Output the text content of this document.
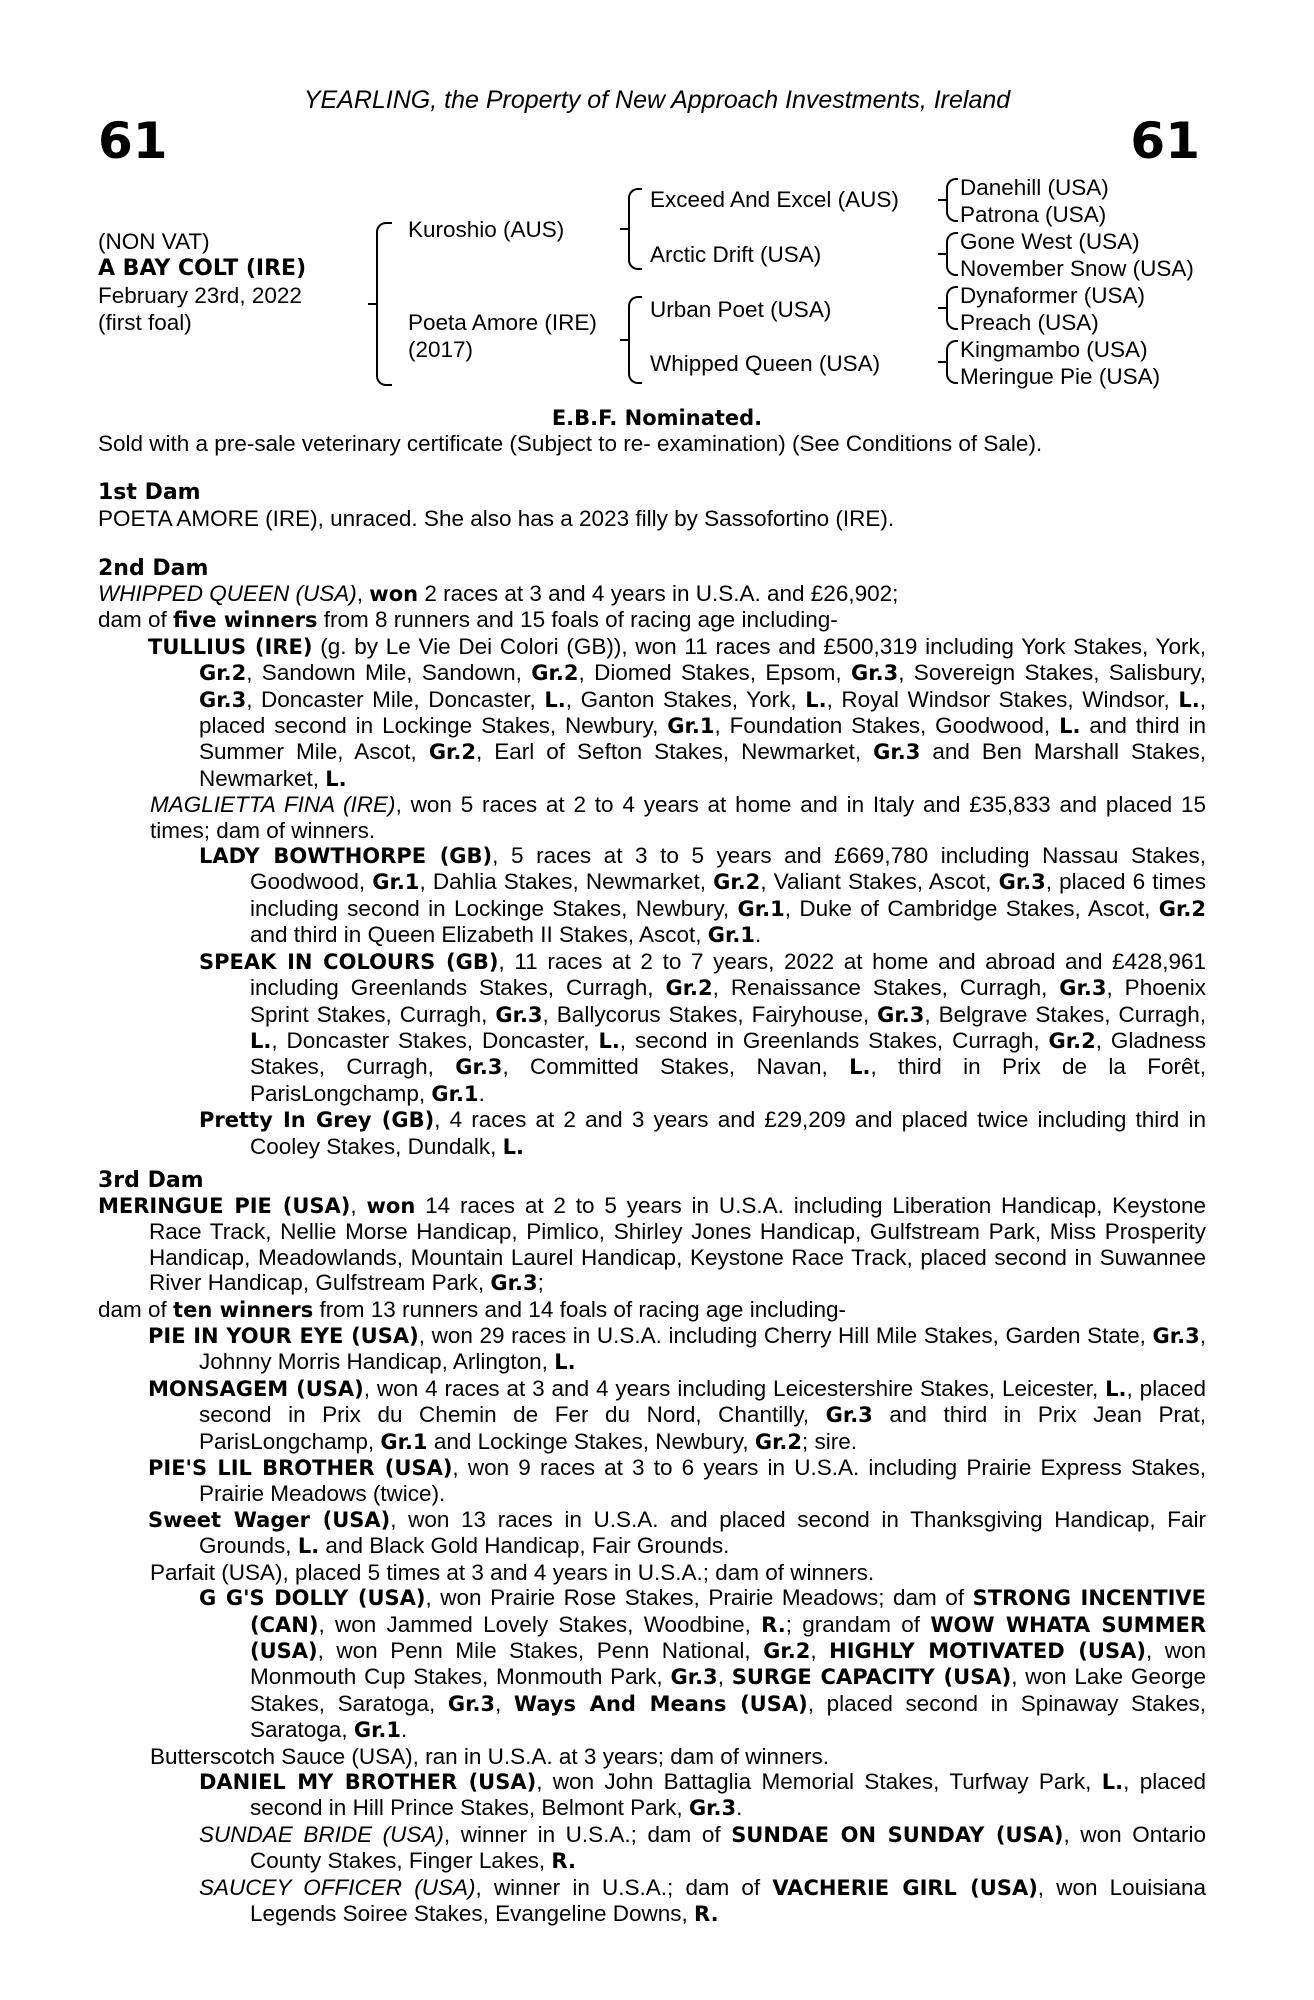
YEARLING, the Property of New Approach Investments, Ireland
61	61
(NON VAT)
A BAY COLT (IRE)
February 23rd, 2022
(first foal)
Kuroshio (AUS)
Poeta Amore (IRE)
(2017)
Exceed And Excel (AUS)
Arctic Drift (USA)
Urban Poet (USA)
Whipped Queen (USA)
Danehill (USA)
Patrona (USA)
Gone West (USA)
November Snow (USA)
Dynaformer (USA)
Preach (USA)
Kingmambo (USA)
Meringue Pie (USA)
E.B.F. Nominated.
Sold with a pre-sale veterinary certificate (Subject to re- examination) (See Conditions of Sale).
1st Dam
POETA AMORE (IRE), unraced. She also has a 2023 filly by Sassofortino (IRE).
2nd Dam
WHIPPED QUEEN (USA), won 2 races at 3 and 4 years in U.S.A. and £26,902;
dam of five winners from 8 runners and 15 foals of racing age including-
TULLIUS (IRE) (g. by Le Vie Dei Colori (GB)), won 11 races and £500,319 including York Stakes, York, Gr.2, Sandown Mile, Sandown, Gr.2, Diomed Stakes, Epsom, Gr.3, Sovereign Stakes, Salisbury, Gr.3, Doncaster Mile, Doncaster, L., Ganton Stakes, York, L., Royal Windsor Stakes, Windsor, L., placed second in Lockinge Stakes, Newbury, Gr.1, Foundation Stakes, Goodwood, L. and third in Summer Mile, Ascot, Gr.2, Earl of Sefton Stakes, Newmarket, Gr.3 and Ben Marshall Stakes, Newmarket, L.
MAGLIETTA FINA (IRE), won 5 races at 2 to 4 years at home and in Italy and £35,833 and placed 15 times; dam of winners.
LADY BOWTHORPE (GB), 5 races at 3 to 5 years and £669,780 including Nassau Stakes, Goodwood, Gr.1, Dahlia Stakes, Newmarket, Gr.2, Valiant Stakes, Ascot, Gr.3, placed 6 times including second in Lockinge Stakes, Newbury, Gr.1, Duke of Cambridge Stakes, Ascot, Gr.2 and third in Queen Elizabeth II Stakes, Ascot, Gr.1.
SPEAK IN COLOURS (GB), 11 races at 2 to 7 years, 2022 at home and abroad and £428,961 including Greenlands Stakes, Curragh, Gr.2, Renaissance Stakes, Curragh, Gr.3, Phoenix Sprint Stakes, Curragh, Gr.3, Ballycorus Stakes, Fairyhouse, Gr.3, Belgrave Stakes, Curragh, L., Doncaster Stakes, Doncaster, L., second in Greenlands Stakes, Curragh, Gr.2, Gladness Stakes, Curragh, Gr.3, Committed Stakes, Navan, L., third in Prix de la Forêt, ParisLongchamp, Gr.1.
Pretty In Grey (GB), 4 races at 2 and 3 years and £29,209 and placed twice including third in Cooley Stakes, Dundalk, L.
3rd Dam
MERINGUE PIE (USA), won 14 races at 2 to 5 years in U.S.A. including Liberation Handicap, Keystone Race Track, Nellie Morse Handicap, Pimlico, Shirley Jones Handicap, Gulfstream Park, Miss Prosperity Handicap, Meadowlands, Mountain Laurel Handicap, Keystone Race Track, placed second in Suwannee River Handicap, Gulfstream Park, Gr.3;
dam of ten winners from 13 runners and 14 foals of racing age including-
PIE IN YOUR EYE (USA), won 29 races in U.S.A. including Cherry Hill Mile Stakes, Garden State, Gr.3, Johnny Morris Handicap, Arlington, L.
MONSAGEM (USA), won 4 races at 3 and 4 years including Leicestershire Stakes, Leicester, L., placed second in Prix du Chemin de Fer du Nord, Chantilly, Gr.3 and third in Prix Jean Prat, ParisLongchamp, Gr.1 and Lockinge Stakes, Newbury, Gr.2; sire.
PIE'S LIL BROTHER (USA), won 9 races at 3 to 6 years in U.S.A. including Prairie Express Stakes, Prairie Meadows (twice).
Sweet Wager (USA), won 13 races in U.S.A. and placed second in Thanksgiving Handicap, Fair Grounds, L. and Black Gold Handicap, Fair Grounds.
Parfait (USA), placed 5 times at 3 and 4 years in U.S.A.; dam of winners.
G G'S DOLLY (USA), won Prairie Rose Stakes, Prairie Meadows; dam of STRONG INCENTIVE (CAN), won Jammed Lovely Stakes, Woodbine, R.; grandam of WOW WHATA SUMMER (USA), won Penn Mile Stakes, Penn National, Gr.2, HIGHLY MOTIVATED (USA), won Monmouth Cup Stakes, Monmouth Park, Gr.3, SURGE CAPACITY (USA), won Lake George Stakes, Saratoga, Gr.3, Ways And Means (USA), placed second in Spinaway Stakes, Saratoga, Gr.1.
Butterscotch Sauce (USA), ran in U.S.A. at 3 years; dam of winners.
DANIEL MY BROTHER (USA), won John Battaglia Memorial Stakes, Turfway Park, L., placed second in Hill Prince Stakes, Belmont Park, Gr.3.
SUNDAE BRIDE (USA), winner in U.S.A.; dam of SUNDAE ON SUNDAY (USA), won Ontario County Stakes, Finger Lakes, R.
SAUCEY OFFICER (USA), winner in U.S.A.; dam of VACHERIE GIRL (USA), won Louisiana Legends Soiree Stakes, Evangeline Downs, R.
